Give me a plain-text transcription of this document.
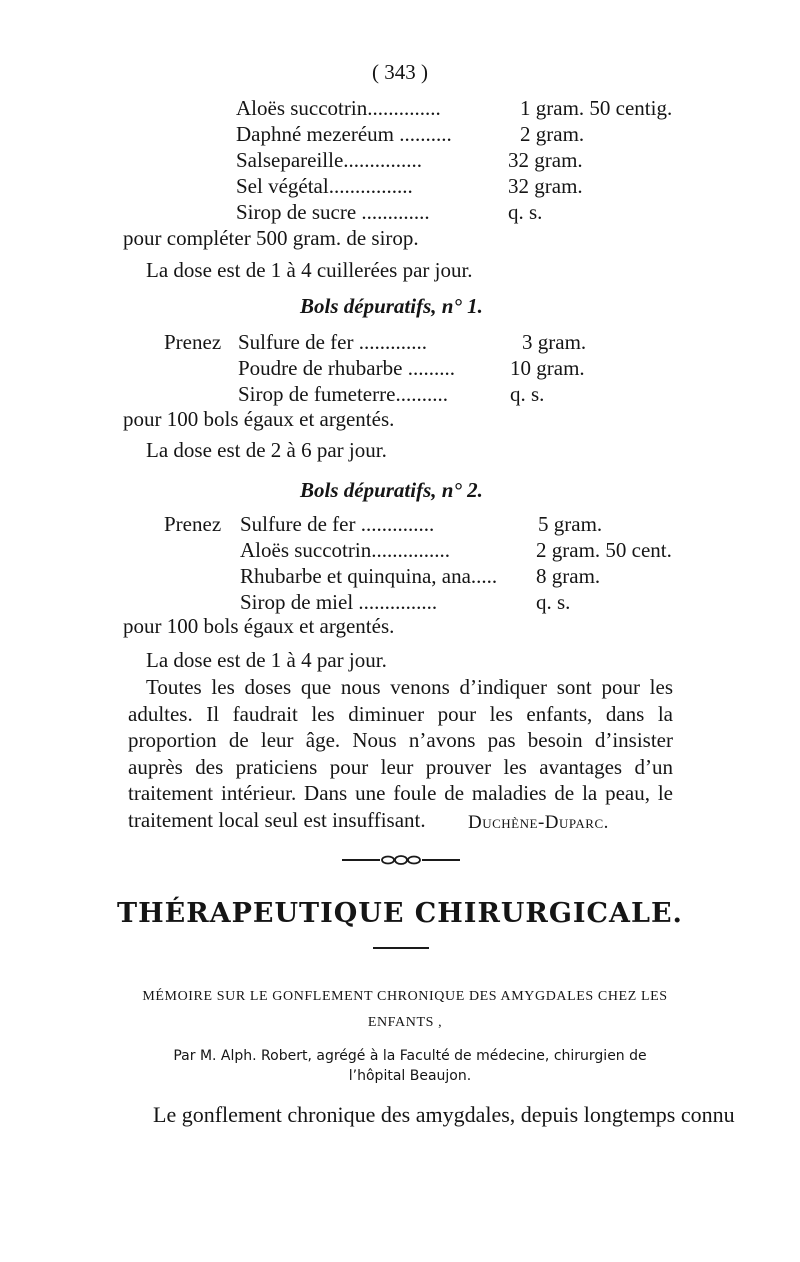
( 343 )
Aloës succotrin..............	1 gram. 50 centig.
Daphné mezeréum ..........	2 gram.
Salsepareille...............	32 gram.
Sel végétal................	32 gram.
Sirop de sucre .............	q. s.
pour compléter 500 gram. de sirop.
La dose est de 1 à 4 cuillerées par jour.
Bols dépuratifs, n° 1.
Prenez Sulfure de fer .............	3 gram.
Poudre de rhubarbe .........	10 gram.
Sirop de fumeterre..........	q. s.
pour 100 bols égaux et argentés.
La dose est de 2 à 6 par jour.
Bols dépuratifs, n° 2.
Prenez Sulfure de fer ..............	5 gram.
Aloës succotrin...............	2 gram. 50 cent.
Rhubarbe et quinquina, ana..... 8 gram.
Sirop de miel ...............	q. s.
pour 100 bols égaux et argentés.
La dose est de 1 à 4 par jour.

Toutes les doses que nous venons d’indiquer sont pour les adultes. Il faudrait les diminuer pour les enfants, dans la proportion de leur âge. Nous n’avons pas besoin d’insister auprès des praticiens pour leur prouver les avantages d’un traitement intérieur. Dans une foule de maladies de la peau, le traitement local seul est insuffisant.	Duchène-Duparc.
THÉRAPEUTIQUE CHIRURGICALE.
MÉMOIRE SUR LE GONFLEMENT CHRONIQUE DES AMYGDALES CHEZ LES ENFANTS ,
Par M. Alph. Robert, agrégé à la Faculté de médecine, chirurgien de l’hôpital Beaujon.
Le gonflement chronique des amygdales, depuis longtemps connu
